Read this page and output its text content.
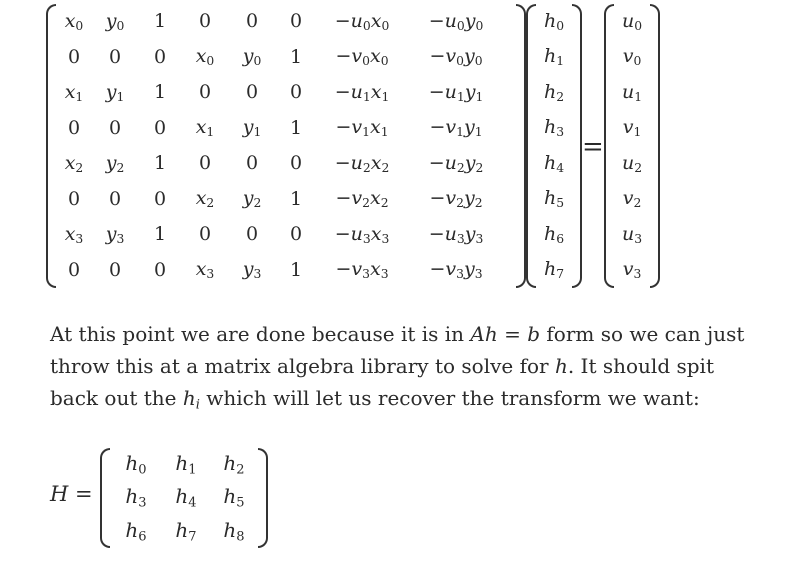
$x_0$ $y_0$ 1 0 0 $0 -u_0x_0 -u_0y_0$
0 0 0 $x_0$ $y_0$ $1 -v_0x_0 -v_0y_0$
$x_1$ $y_1$ 1 0 0 $0 -u_1x_1 -u_1y_1$
0 0 0 $x_1$ $y_1$ $1 -v_1x_1 -v_1y_1$
$x_2$ $y_2$ 1 0 0 $0 -u_2x_2 -u_2y_2$
0 0 0 $x_2$ $y_2$ $1 -v_2x_2 -v_2y_2$
$x_3$ $y_3$ 1 0 0 $0 -u_3x_3 -u_3y_3$
0 0 0 $x_3$ $y_3$ $1 -v_3x_3 -v_3y_3$
$h_0$
$h_1$
$h_2$
$h_3$
$h_4$
$h_5$
$h_6$
$h_7$
=
$u_0$
$v_0$
$u_1$
$v_1$
$u_2$
$v_2$
$u_3$
$v_3$

At this point we are done because it is in Ah = b form so we can just throw this at a matrix algebra library to solve for h. It should spit back out the $h_i$ which will let us recover the transform we want:

H =
$h_0$ $h_1$ $h_2$
$h_3$ $h_4$ $h_5$
$h_6$ $h_7$ $h_8$
